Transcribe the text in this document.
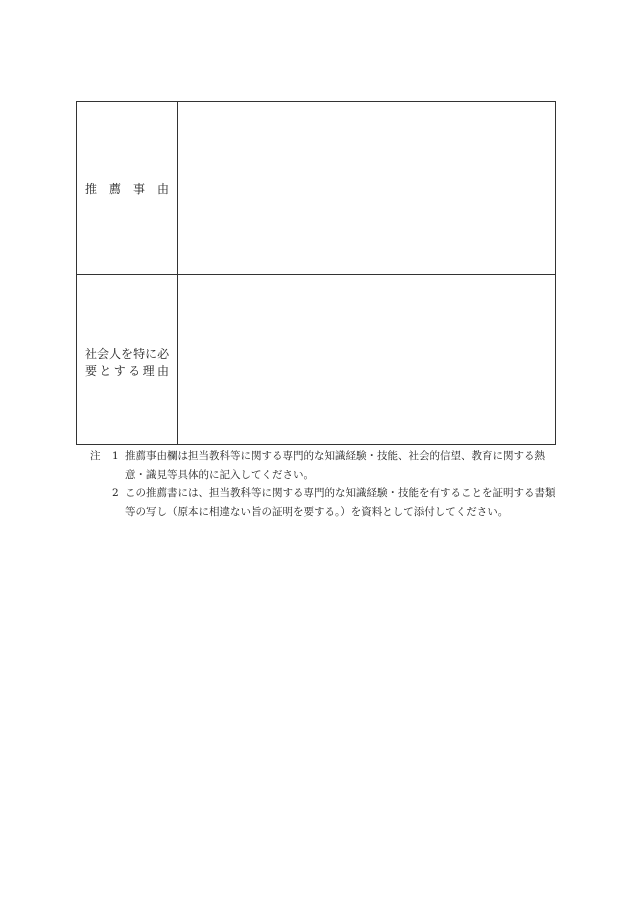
推 薦 事 由
社 会 人 を 特 に 必
要 と す る 理 由
注 1 推薦事由欄は担当教科等に関する専門的な知識経験・技能、社会的信望、教育に関する熱意・識見等具体的に記入してください。
2 この推薦書には、担当教科等に関する専門的な知識経験・技能を有することを証明する書類等の写し（原本に相違ない旨の証明を要する。）を資料として添付してください。
